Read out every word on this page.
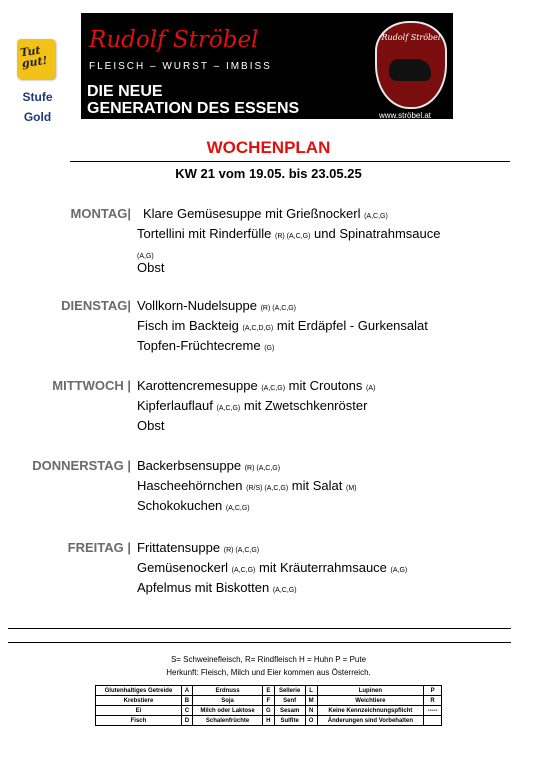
Tut gut!
Stufe
Gold
Rudolf Ströbel
FLEISCH – WURST – IMBISS
DIE NEUE
GENERATION DES ESSENS
Rudolf Ströbel
www.ströbel.at
WOCHENPLAN
KW 21 vom 19.05. bis 23.05.25
MONTAG| Klare Gemüsesuppe mit Grießnockerl (A,C,G)
Tortellini mit Rinderfülle (R) (A,C,G) und Spinatrahmsauce
(A,G)
Obst
DIENSTAG| Vollkorn-Nudelsuppe (R) (A,C,G)
Fisch im Backteig (A,C,D,G) mit Erdäpfel - Gurkensalat
Topfen-Früchtecreme (G)
MITTWOCH | Karottencremesuppe (A,C,G) mit Croutons (A)
Kipferlauflauf (A,C,G) mit Zwetschkenröster
Obst
DONNERSTAG | Backerbsensuppe (R) (A,C,G)
Hascheehörnchen (R/S) (A,C,G) mit Salat (M)
Schokokuchen (A,C,G)
FREITAG | Frittatensuppe (R) (A,C,G)
Gemüsenockerl (A,C,G) mit Kräuterrahmsauce (A,G)
Apfelmus mit Biskotten (A,C,G)
S= Schweinefleisch, R= Rindfleisch H = Huhn P = Pute
Herkunft: Fleisch, Milch und Eier kommen aus Österreich.
Glutenhaltiges Getreide	A	Erdnuss	E	Sellerie	L	Lupinen	P
Krebstiere	B	Soja	F	Senf	M	Weichtiere	R
Ei	C	Milch oder Laktose	G	Sesam	N	Keine Kennzeichnungspflicht	-----
Fisch	D	Schalenfrüchte	H	Sulfite	O	Änderungen sind Vorbehalten	
